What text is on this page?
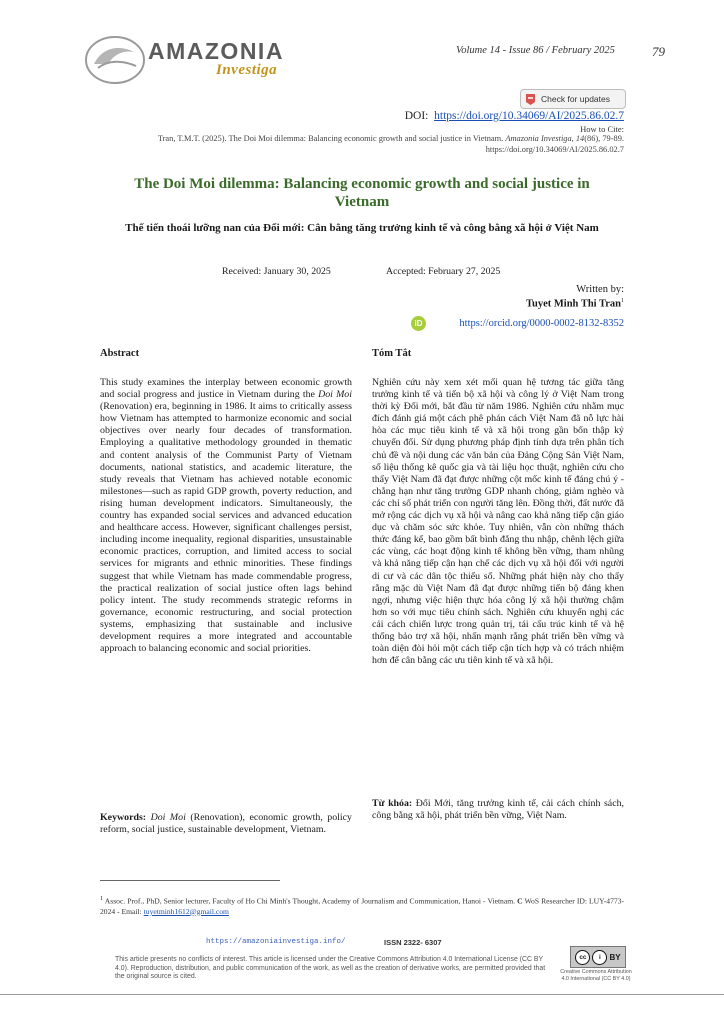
AMAZONIA
Investiga
Volume 14 - Issue 86 / February 2025	79
Check for updates
DOI: https://doi.org/10.34069/AI/2025.86.02.7
How to Cite:
Tran, T.M.T. (2025). The Doi Moi dilemma: Balancing economic growth and social justice in Vietnam. Amazonia Investiga, 14(86), 79-89. https://doi.org/10.34069/AI/2025.86.02.7
The Doi Moi dilemma: Balancing economic growth and social justice in Vietnam
Thế tiến thoái lưỡng nan của Đổi mới: Cân bằng tăng trưởng kinh tế và công bằng xã hội ở Việt Nam
Received: January 30, 2025	Accepted: February 27, 2025
Written by:
Tuyet Minh Thi Tran$^1$
iD	https://orcid.org/0000-0002-8132-8352
Abstract	Tóm Tắt
This study examines the interplay between economic growth and social progress and justice in Vietnam during the Doi Moi (Renovation) era, beginning in 1986. It aims to critically assess how Vietnam has attempted to harmonize economic and social objectives over nearly four decades of transformation. Employing a qualitative methodology grounded in thematic and content analysis of the Communist Party of Vietnam documents, national statistics, and academic literature, the study reveals that Vietnam has achieved notable economic milestones—such as rapid GDP growth, poverty reduction, and rising human development indicators. Simultaneously, the country has expanded social services and advanced education and healthcare access. However, significant challenges persist, including income inequality, regional disparities, unsustainable economic practices, corruption, and limited access to social services for migrants and ethnic minorities. These findings suggest that while Vietnam has made commendable progress, the practical realization of social justice often lags behind policy intent. The study recommends strategic reforms in governance, economic restructuring, and social protection systems, emphasizing that sustainable and inclusive development requires a more integrated and accountable approach to balancing economic and social priorities.
Nghiên cứu này xem xét mối quan hệ tương tác giữa tăng trưởng kinh tế và tiến bộ xã hội và công lý ở Việt Nam trong thời kỳ Đổi mới, bắt đầu từ năm 1986. Nghiên cứu nhằm mục đích đánh giá một cách phê phán cách Việt Nam đã nỗ lực hài hòa các mục tiêu kinh tế và xã hội trong gần bốn thập kỷ chuyển đổi. Sử dụng phương pháp định tính dựa trên phân tích chủ đề và nội dung các văn bản của Đảng Cộng Sản Việt Nam, số liệu thống kê quốc gia và tài liệu học thuật, nghiên cứu cho thấy Việt Nam đã đạt được những cột mốc kinh tế đáng chú ý - chẳng hạn như tăng trưởng GDP nhanh chóng, giảm nghèo và các chỉ số phát triển con người tăng lên. Đồng thời, đất nước đã mở rộng các dịch vụ xã hội và nâng cao khả năng tiếp cận giáo dục và chăm sóc sức khỏe. Tuy nhiên, vẫn còn những thách thức đáng kể, bao gồm bất bình đẳng thu nhập, chênh lệch giữa các vùng, các hoạt động kinh tế không bền vững, tham nhũng và khả năng tiếp cận hạn chế các dịch vụ xã hội đối với người di cư và các dân tộc thiểu số. Những phát hiện này cho thấy rằng mặc dù Việt Nam đã đạt được những tiến bộ đáng khen ngợi, nhưng việc hiện thực hóa công lý xã hội thường chậm hơn so với mục tiêu chính sách. Nghiên cứu khuyến nghị các cải cách chiến lược trong quản trị, tái cấu trúc kinh tế và hệ thống bảo trợ xã hội, nhấn mạnh rằng phát triển bền vững và toàn diện đòi hỏi một cách tiếp cận tích hợp và có trách nhiệm hơn để cân bằng các ưu tiên kinh tế và xã hội.
Keywords: Doi Moi (Renovation), economic growth, policy reform, social justice, sustainable development, Vietnam.
Từ khóa: Đổi Mới, tăng trưởng kinh tế, cải cách chính sách, công bằng xã hội, phát triển bền vững, Việt Nam.
$^1$ Assoc. Prof., PhD, Senior lecturer, Faculty of Ho Chi Minh's Thought, Academy of Journalism and Communication, Hanoi - Vietnam. C WoS Researcher ID: LUY-4773-2024 - Email: tuyetminh1612@gmail.com
https://amazoniainvestiga.info/	ISSN 2322- 6307
This article presents no conflicts of interest. This article is licensed under the Creative Commons Attribution 4.0 International License (CC BY 4.0). Reproduction, distribution, and public communication of the work, as well as the creation of derivative works, are permitted provided that the original source is cited.
cc	i	BY
Creative Commons Attribution 4.0 International (CC BY 4.0)
